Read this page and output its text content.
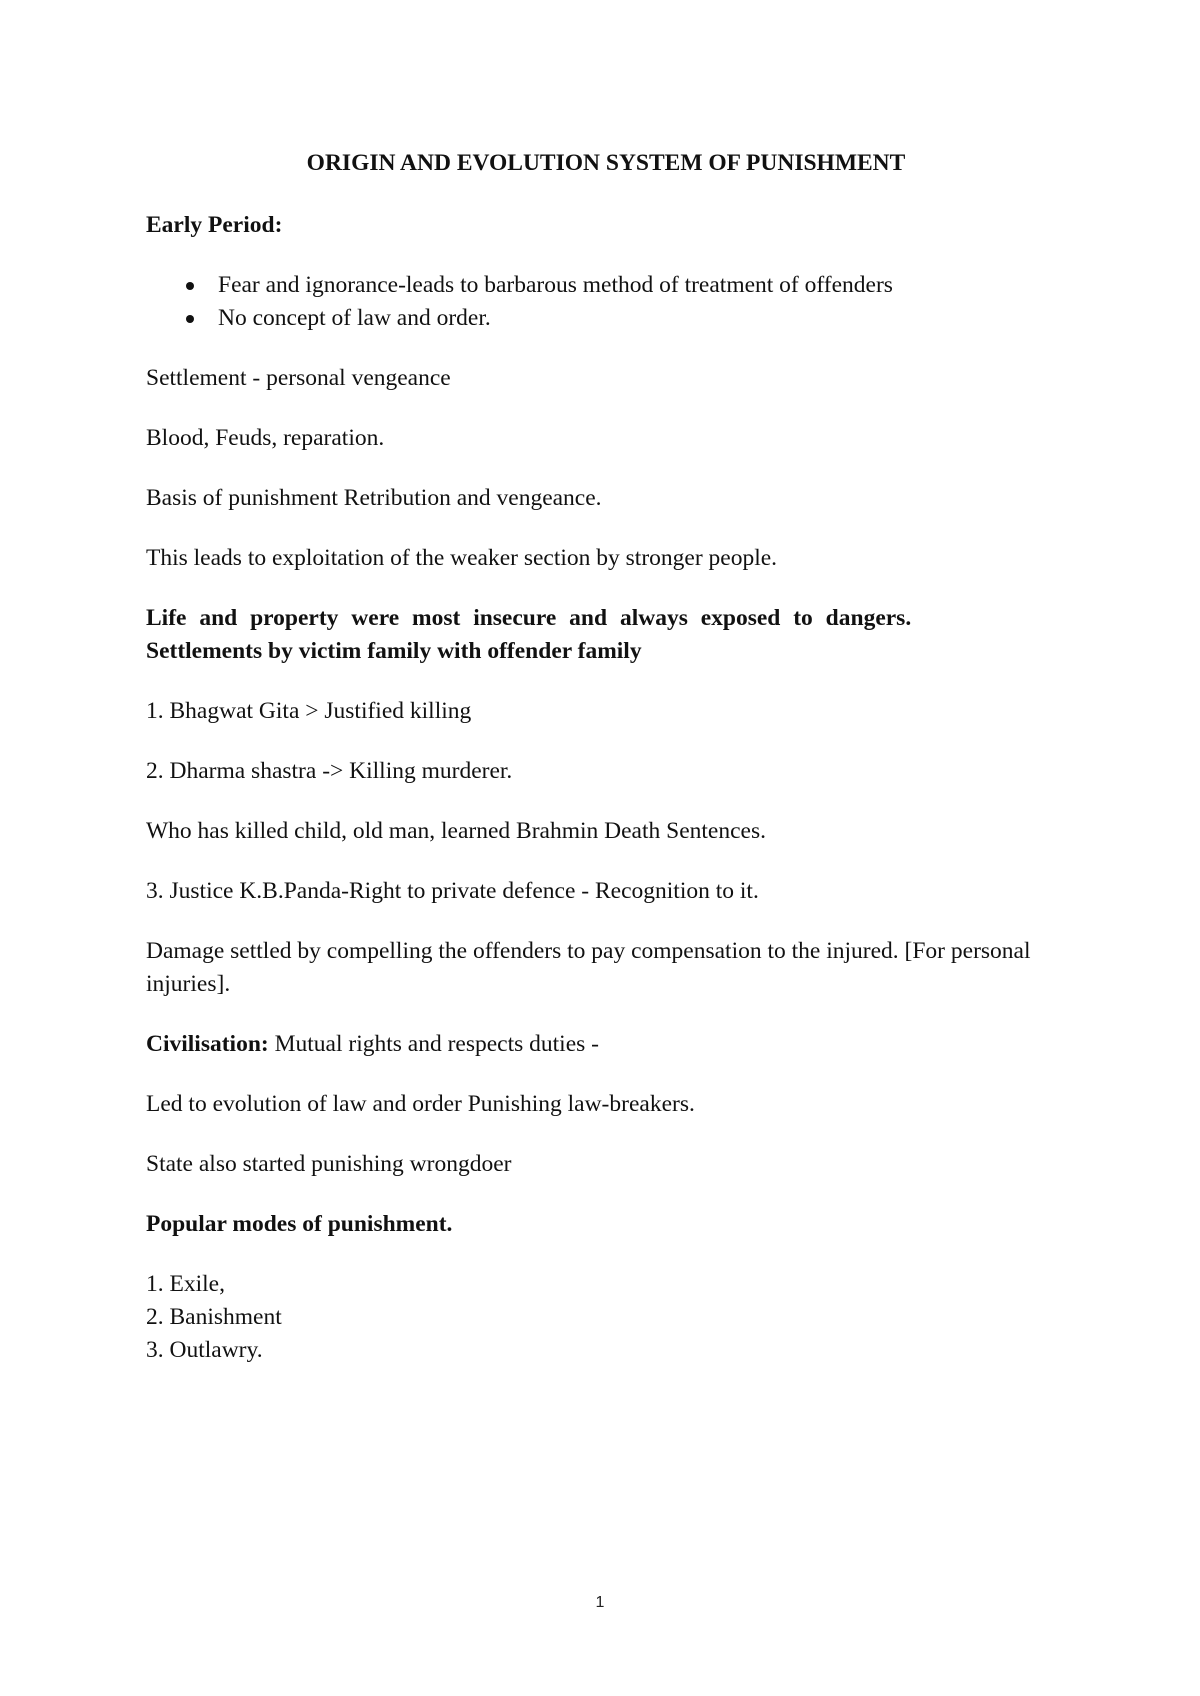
ORIGIN AND EVOLUTION SYSTEM OF PUNISHMENT
Early Period:
Fear and ignorance-leads to barbarous method of treatment of offenders
No concept of law and order.
Settlement - personal vengeance
Blood, Feuds, reparation.
Basis of punishment Retribution and vengeance.
This leads to exploitation of the weaker section by stronger people.
Life and property were most insecure and always exposed to dangers.
Settlements by victim family with offender family
1. Bhagwat Gita > Justified killing
2. Dharma shastra -> Killing murderer.
Who has killed child, old man, learned Brahmin Death Sentences.
3. Justice K.B.Panda-Right to private defence - Recognition to it.
Damage settled by compelling the offenders to pay compensation to the injured. [For personal injuries].
Civilisation: Mutual rights and respects duties -
Led to evolution of law and order Punishing law-breakers.
State also started punishing wrongdoer
Popular modes of punishment.
1. Exile,
2. Banishment
3. Outlawry.
1
